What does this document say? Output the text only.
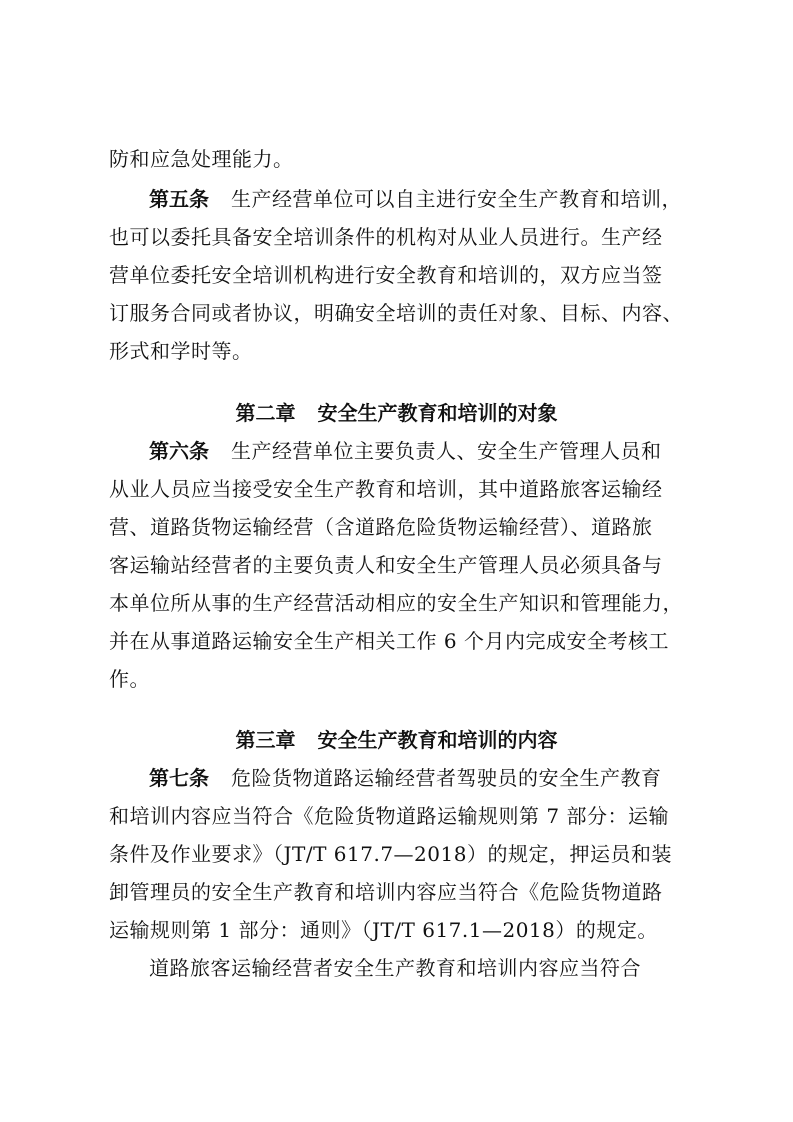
防和应急处理能力。
第五条 生产经营单位可以自主进行安全生产教育和培训，
也可以委托具备安全培训条件的机构对从业人员进行。生产经
营单位委托安全培训机构进行安全教育和培训的，双方应当签
订服务合同或者协议，明确安全培训的责任对象、目标、内容、
形式和学时等。
第二章 安全生产教育和培训的对象
第六条 生产经营单位主要负责人、安全生产管理人员和
从业人员应当接受安全生产教育和培训，其中道路旅客运输经
营、道路货物运输经营（含道路危险货物运输经营）、道路旅
客运输站经营者的主要负责人和安全生产管理人员必须具备与
本单位所从事的生产经营活动相应的安全生产知识和管理能力，
并在从事道路运输安全生产相关工作 6 个月内完成安全考核工
作。
第三章 安全生产教育和培训的内容
第七条 危险货物道路运输经营者驾驶员的安全生产教育
和培训内容应当符合《危险货物道路运输规则第 7 部分：运输
条件及作业要求》（JT/T 617.7—2018）的规定，押运员和装
卸管理员的安全生产教育和培训内容应当符合《危险货物道路
运输规则第 1 部分：通则》（JT/T 617.1—2018）的规定。
道路旅客运输经营者安全生产教育和培训内容应当符合
